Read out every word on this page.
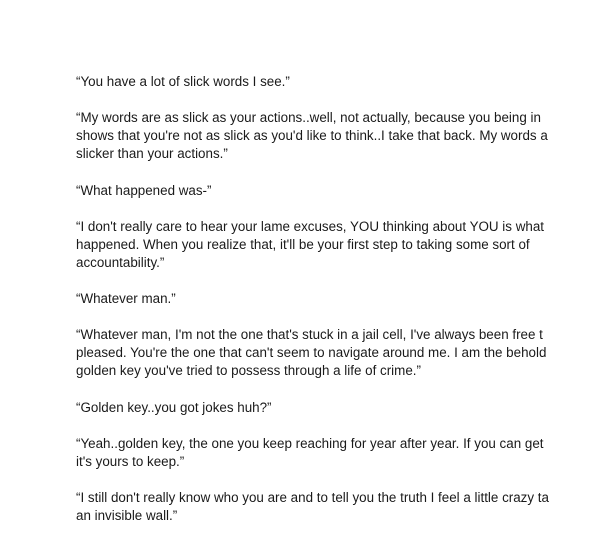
“You have a lot of slick words I see.”

“My words are as slick as your actions..well, not actually, because you being in
shows that you're not as slick as you'd like to think..I take that back. My words a
slicker than your actions.”

“What happened was-”

“I don't really care to hear your lame excuses, YOU thinking about YOU is what
happened. When you realize that, it'll be your first step to taking some sort of
accountability.”

“Whatever man.”

“Whatever man, I'm not the one that's stuck in a jail cell, I've always been free t
pleased. You're the one that can't seem to navigate around me. I am the behold
golden key you've tried to possess through a life of crime.”

“Golden key..you got jokes huh?”

“Yeah..golden key, the one you keep reaching for year after year. If you can get
it's yours to keep.”

“I still don't really know who you are and to tell you the truth I feel a little crazy ta
an invisible wall.”
